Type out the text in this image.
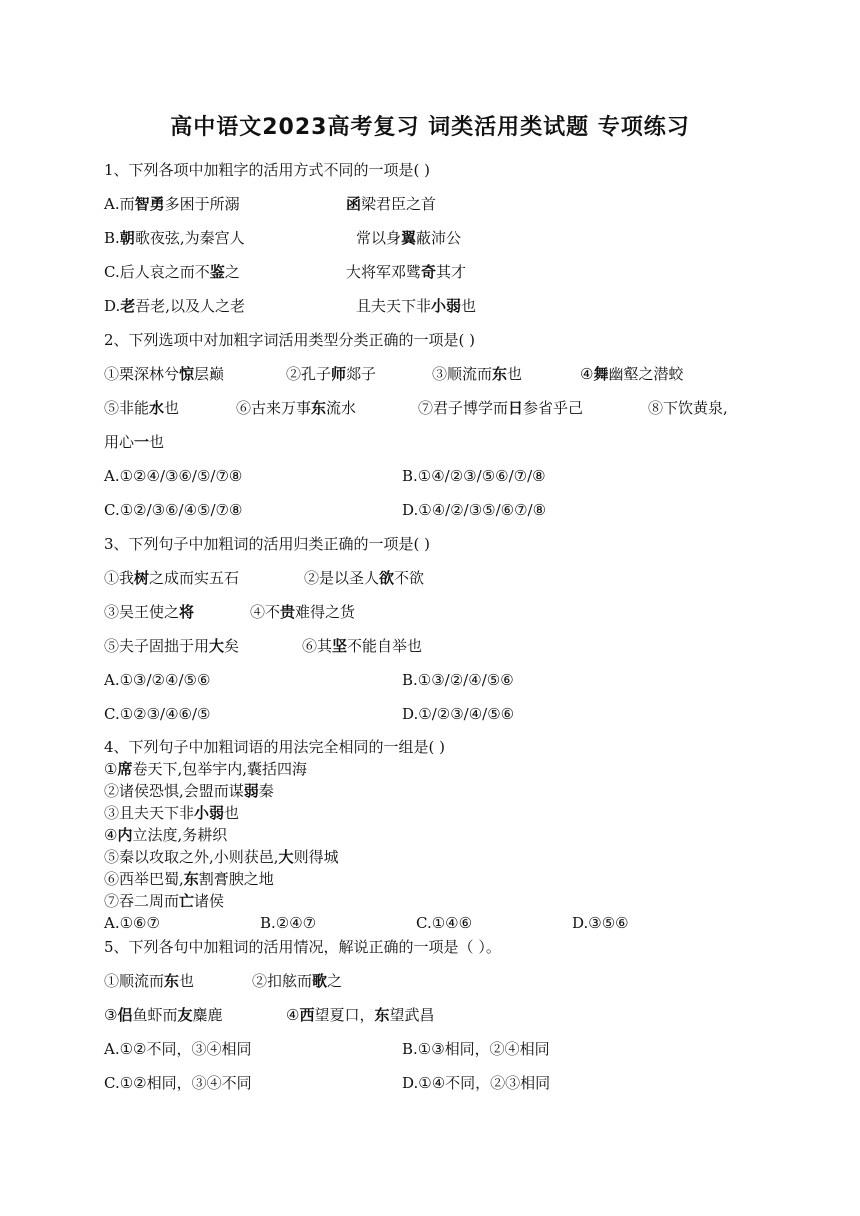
高中语文2023高考复习 词类活用类试题 专项练习
1、下列各项中加粗字的活用方式不同的一项是( )
A.而智勇多困于所溺	函梁君臣之首
B.朝歌夜弦,为秦宫人	常以身翼蔽沛公
C.后人哀之而不鉴之	大将军邓骘奇其才
D.老吾老,以及人之老	且夫天下非小弱也
2、下列选项中对加粗字词活用类型分类正确的一项是( )
①栗深林兮惊层巅	②孔子师郯子	③顺流而东也	④舞幽壑之潜蛟
⑤非能水也	⑥古来万事东流水	⑦君子博学而日参省乎己	⑧下饮黄泉,
用心一也
A.①②④/③⑥/⑤/⑦⑧	B.①④/②③/⑤⑥/⑦/⑧
C.①②/③⑥/④⑤/⑦⑧	D.①④/②/③⑤/⑥⑦/⑧
3、下列句子中加粗词的活用归类正确的一项是( )
①我树之成而实五石	②是以圣人欲不欲
③吴王使之将	④不贵难得之货
⑤夫子固拙于用大矣	⑥其坚不能自举也
A.①③/②④/⑤⑥	B.①③/②/④/⑤⑥
C.①②③/④⑥/⑤	D.①/②③/④/⑤⑥
4、下列句子中加粗词语的用法完全相同的一组是( )
①席卷天下,包举宇内,囊括四海
②诸侯恐惧,会盟而谋弱秦
③且夫天下非小弱也
④内立法度,务耕织
⑤秦以攻取之外,小则获邑,大则得城
⑥西举巴蜀,东割膏腴之地
⑦吞二周而亡诸侯
A.①⑥⑦	B.②④⑦	C.①④⑥	D.③⑤⑥
5、下列各句中加粗词的活用情况，解说正确的一项是（ ）。
①顺流而东也	②扣舷而歌之
③侣鱼虾而友麋鹿	④西望夏口，东望武昌
A.①②不同，③④相同	B.①③相同，②④相同
C.①②相同，③④不同	D.①④不同，②③相同
